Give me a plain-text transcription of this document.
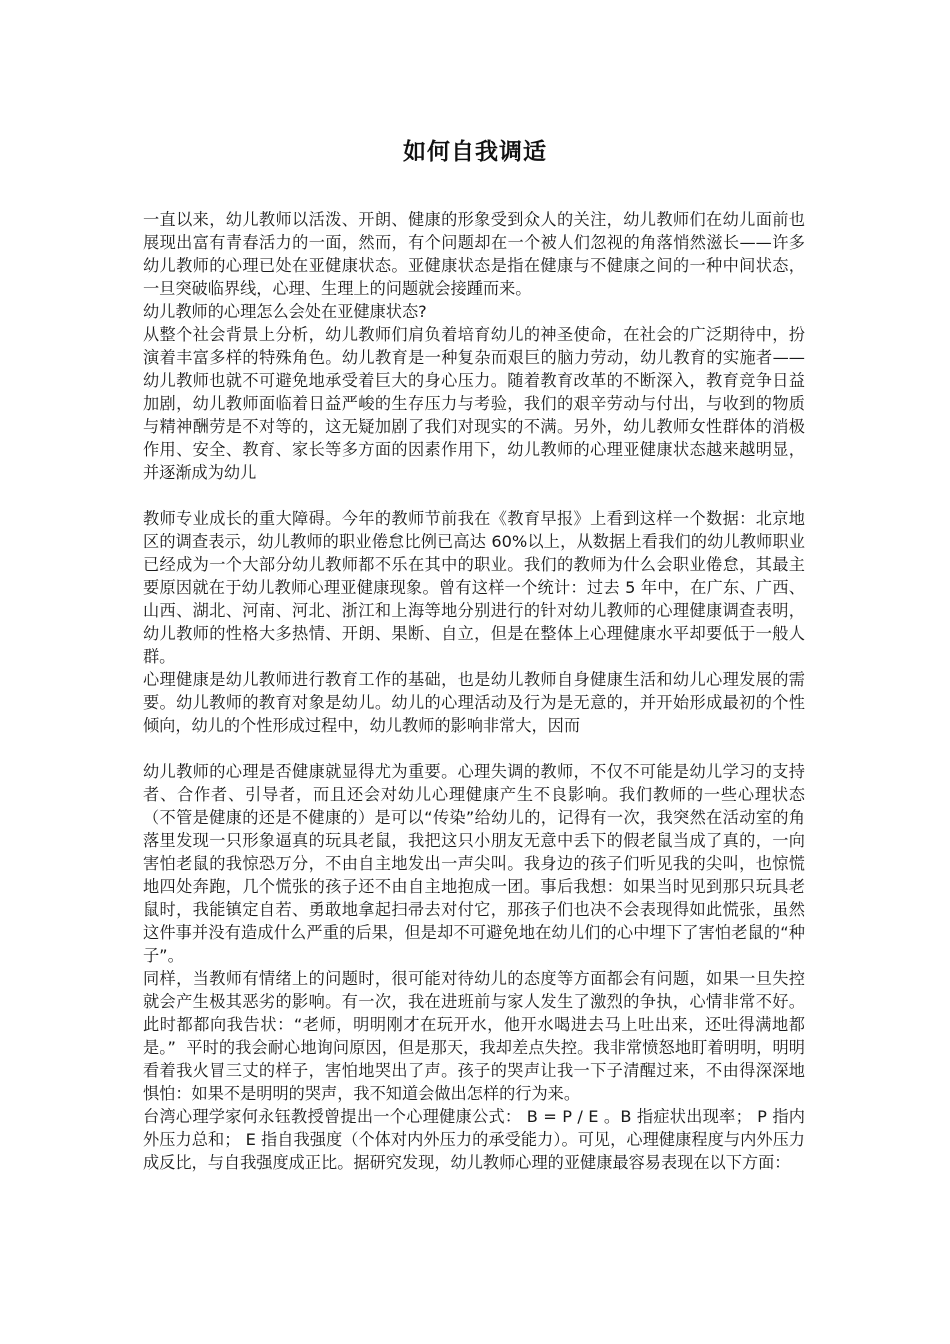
如何自我调适

一直以来，幼儿教师以活泼、开朗、健康的形象受到众人的关注，幼儿教师们在幼儿面前也展现出富有青春活力的一面，然而，有个问题却在一个被人们忽视的角落悄然滋长——许多幼儿教师的心理已处在亚健康状态。亚健康状态是指在健康与不健康之间的一种中间状态，一旦突破临界线，心理、生理上的问题就会接踵而来。

幼儿教师的心理怎么会处在亚健康状态?

从整个社会背景上分析，幼儿教师们肩负着培育幼儿的神圣使命，在社会的广泛期待中，扮演着丰富多样的特殊角色。幼儿教育是一种复杂而艰巨的脑力劳动，幼儿教育的实施者——幼儿教师也就不可避免地承受着巨大的身心压力。随着教育改革的不断深入，教育竞争日益加剧，幼儿教师面临着日益严峻的生存压力与考验，我们的艰辛劳动与付出，与收到的物质与精神酬劳是不对等的，这无疑加剧了我们对现实的不满。另外，幼儿教师女性群体的消极作用、安全、教育、家长等多方面的因素作用下，幼儿教师的心理亚健康状态越来越明显，并逐渐成为幼儿

教师专业成长的重大障碍。今年的教师节前我在《教育早报》上看到这样一个数据：北京地区的调查表示，幼儿教师的职业倦怠比例已高达 60%以上，从数据上看我们的幼儿教师职业已经成为一个大部分幼儿教师都不乐在其中的职业。我们的教师为什么会职业倦怠，其最主要原因就在于幼儿教师心理亚健康现象。曾有这样一个统计：过去 5 年中，在广东、广西、山西、湖北、河南、河北、浙江和上海等地分别进行的针对幼儿教师的心理健康调查表明，幼儿教师的性格大多热情、开朗、果断、自立，但是在整体上心理健康水平却要低于一般人群。

心理健康是幼儿教师进行教育工作的基础，也是幼儿教师自身健康生活和幼儿心理发展的需要。幼儿教师的教育对象是幼儿。幼儿的心理活动及行为是无意的，并开始形成最初的个性倾向，幼儿的个性形成过程中，幼儿教师的影响非常大，因而

幼儿教师的心理是否健康就显得尤为重要。心理失调的教师，不仅不可能是幼儿学习的支持者、合作者、引导者，而且还会对幼儿心理健康产生不良影响。我们教师的一些心理状态（不管是健康的还是不健康的）是可以“传染”给幼儿的，记得有一次，我突然在活动室的角落里发现一只形象逼真的玩具老鼠，我把这只小朋友无意中丢下的假老鼠当成了真的，一向害怕老鼠的我惊恐万分，不由自主地发出一声尖叫。我身边的孩子们听见我的尖叫，也惊慌地四处奔跑，几个慌张的孩子还不由自主地抱成一团。事后我想：如果当时见到那只玩具老鼠时，我能镇定自若、勇敢地拿起扫帚去对付它，那孩子们也决不会表现得如此慌张，虽然这件事并没有造成什么严重的后果，但是却不可避免地在幼儿们的心中埋下了害怕老鼠的“种子”。

同样，当教师有情绪上的问题时，很可能对待幼儿的态度等方面都会有问题，如果一旦失控就会产生极其恶劣的影响。有一次，我在进班前与家人发生了激烈的争执，心情非常不好。此时都都向我告状：“老师，明明刚才在玩开水，他开水喝进去马上吐出来，还吐得满地都是。”  平时的我会耐心地询问原因，但是那天，我却差点失控。我非常愤怒地盯着明明，明明看着我火冒三丈的样子，害怕地哭出了声。孩子的哭声让我一下子清醒过来，不由得深深地惧怕：如果不是明明的哭声，我不知道会做出怎样的行为来。

台湾心理学家何永钰教授曾提出一个心理健康公式： B = P / E 。B 指症状出现率； P 指内外压力总和； E 指自我强度（个体对内外压力的承受能力）。可见，心理健康程度与内外压力成反比，与自我强度成正比。据研究发现，幼儿教师心理的亚健康最容易表现在以下方面：
